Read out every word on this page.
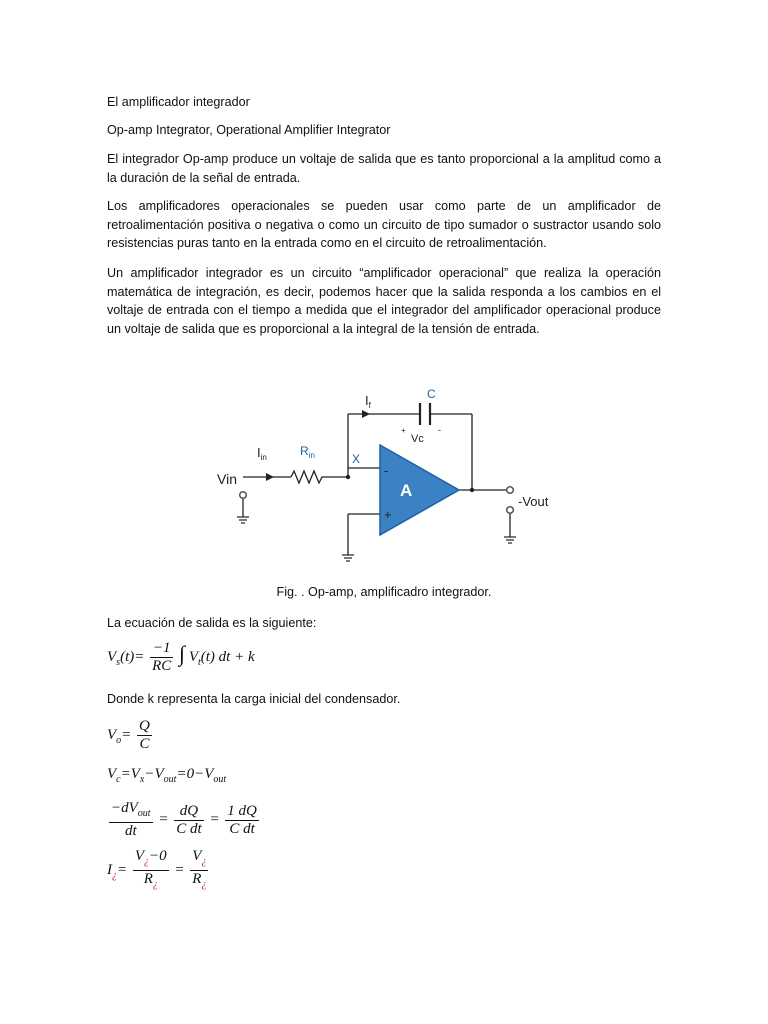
El amplificador integrador
Op-amp Integrator, Operational Amplifier Integrator
El integrador Op-amp produce un voltaje de salida que es tanto proporcional a la amplitud como a la duración de la señal de entrada.
Los amplificadores operacionales se pueden usar como parte de un amplificador de retroalimentación positiva o negativa o como un circuito de tipo sumador o sustractor usando solo resistencias puras tanto en la entrada como en el circuito de retroalimentación.
Un amplificador integrador es un circuito “amplificador operacional” que realiza la operación matemática de integración, es decir, podemos hacer que la salida responda a los cambios en el voltaje de entrada con el tiempo a medida que el integrador del amplificador operacional produce un voltaje de salida que es proporcional a la integral de la tensión de entrada.
$I_f$
C
Vc
+	-
$I_{in}$	$R_{in}$	X
Vin
-
+
A
-Vout
Fig. . Op-amp, amplificadro integrador.
La ecuación de salida es la siguiente:
$V_s(t)= \frac{-1}{RC}$ ∫ $V_t(t)$ dt + k
Donde k representa la carga inicial del condensador.
$V_o= \frac{Q}{C}$
$V_c=V_x-V_{out}=0-V_{out}$
$\frac{-dV_{out}}{dt} = \frac{dQ}{\text{C dt}} = \frac{1 dQ}{\text{C dt}}$
$I_¿= \frac{V_¿-0}{R_¿} = \frac{V_¿}{R_¿}$
